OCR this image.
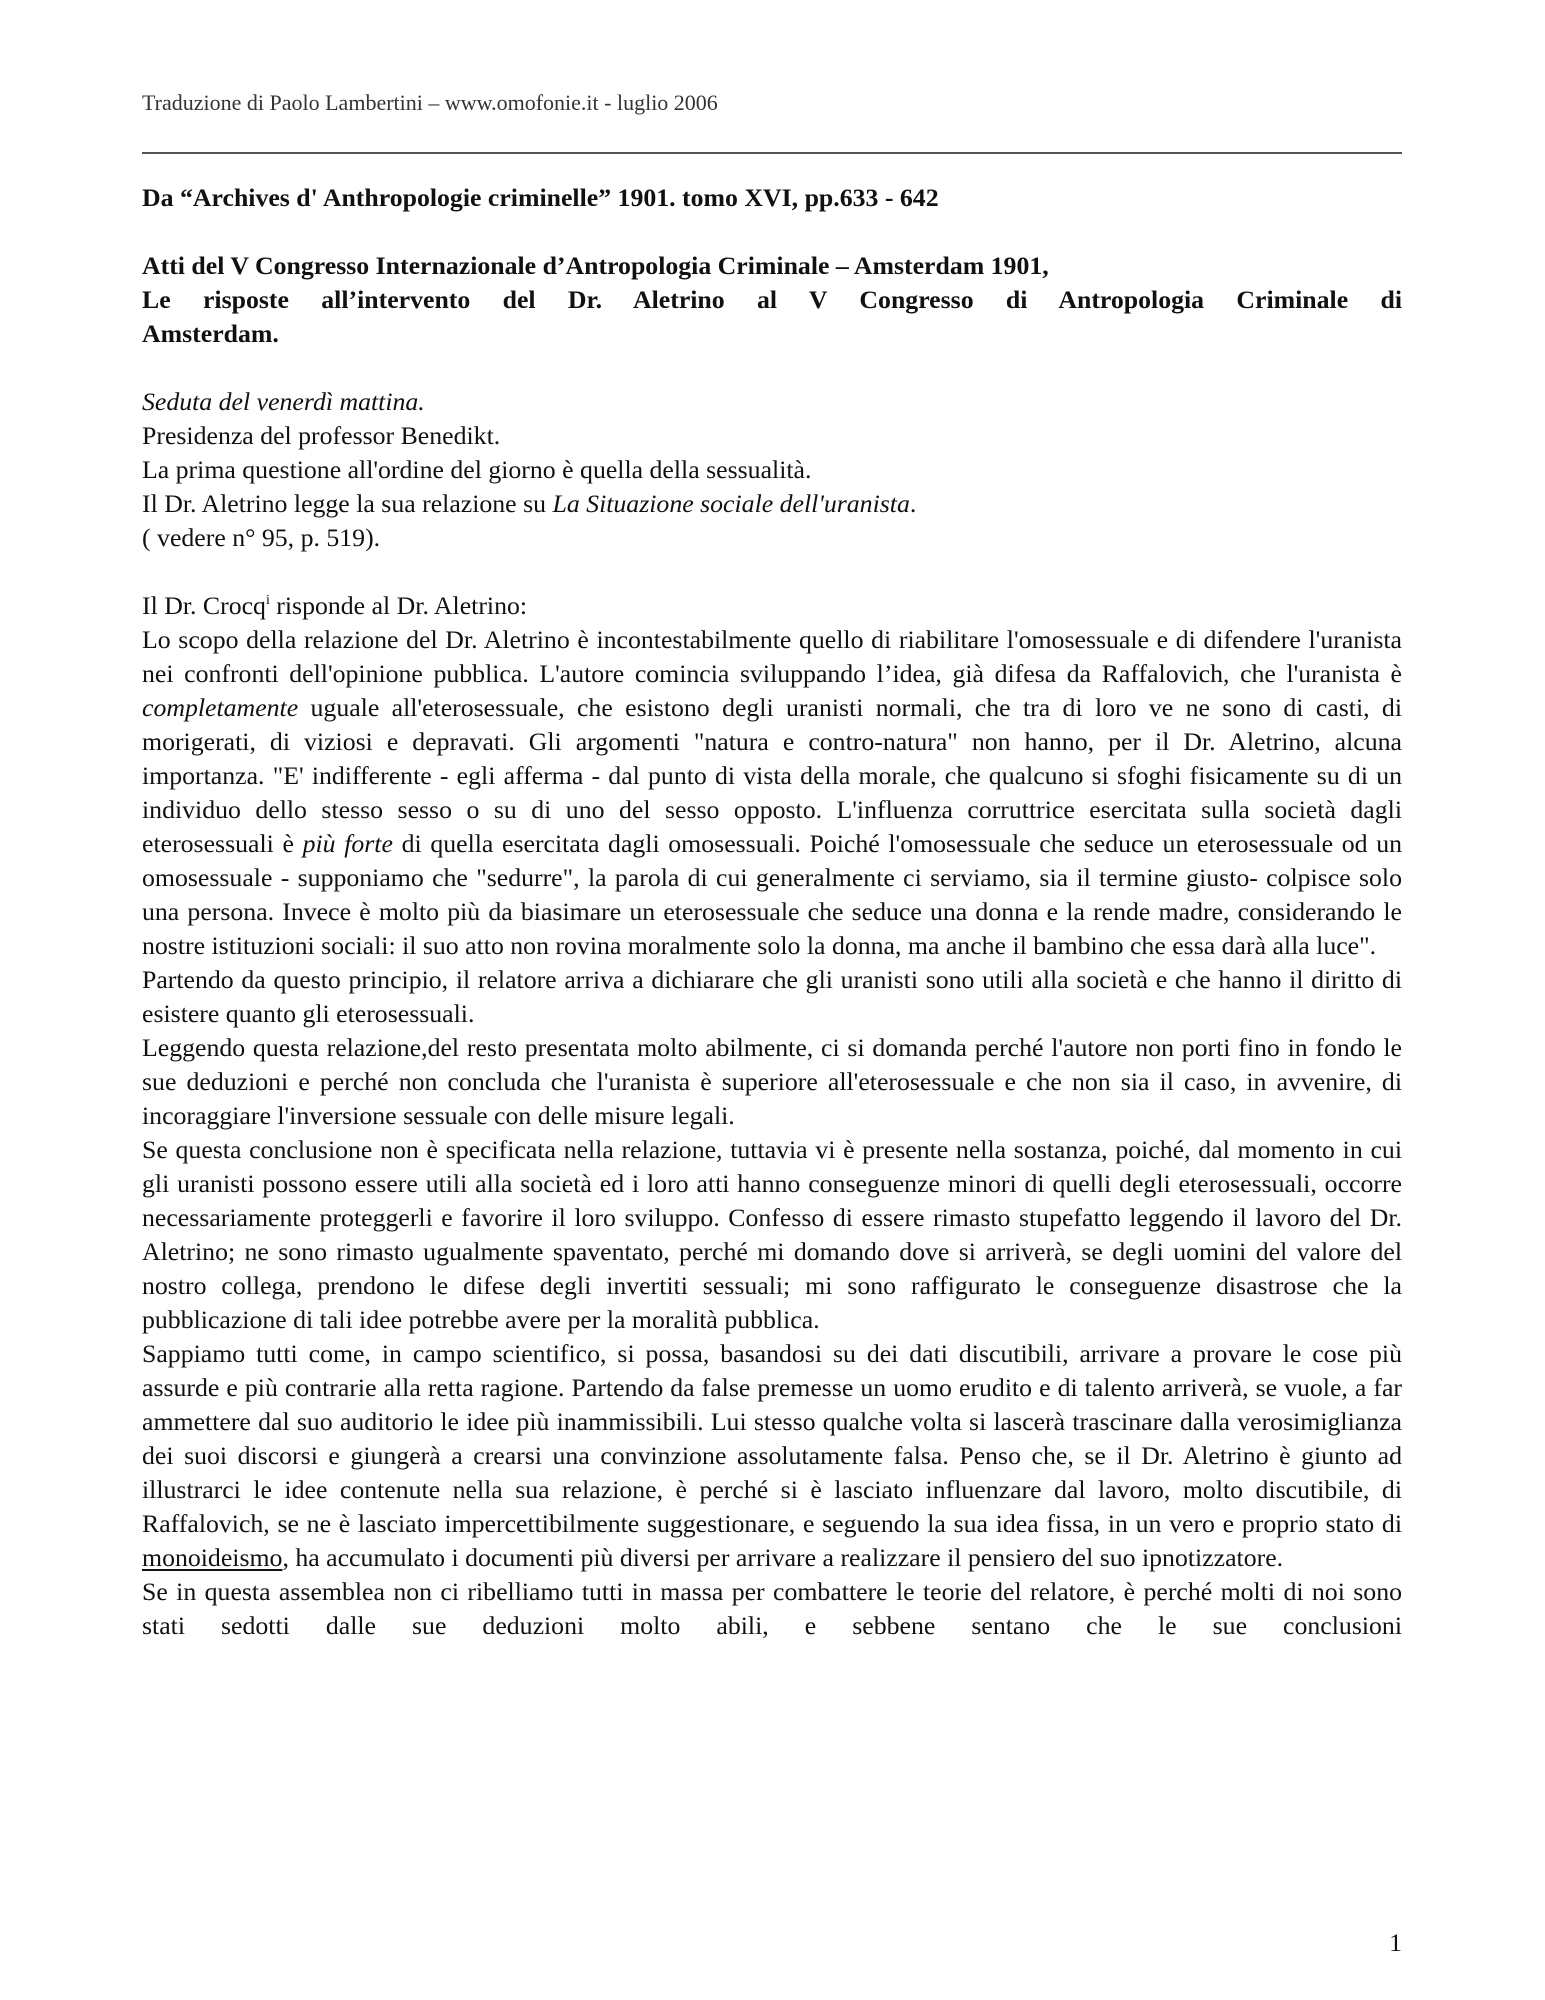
Traduzione di Paolo Lambertini – www.omofonie.it - luglio 2006

Da “Archives d' Anthropologie criminelle” 1901. tomo XVI, pp.633 - 642

Atti del V Congresso Internazionale d’Antropologia Criminale – Amsterdam 1901,

Le risposte all’intervento del Dr. Aletrino al V Congresso di Antropologia Criminale di

Amsterdam.

Seduta del venerdì mattina.

Presidenza del professor Benedikt.

La prima questione all'ordine del giorno è quella della sessualità.

Il Dr. Aletrino legge la sua relazione su La Situazione sociale dell'uranista.

( vedere n° 95, p. 519).

Il Dr. Crocq$^i$ risponde al Dr. Aletrino:

Lo scopo della relazione del Dr. Aletrino è incontestabilmente quello di riabilitare l'omosessuale e di difendere l'uranista nei confronti dell'opinione pubblica. L'autore comincia sviluppando l’idea, già difesa da Raffalovich, che l'uranista è completamente uguale all'eterosessuale, che esistono degli uranisti normali, che tra di loro ve ne sono di casti, di morigerati, di viziosi e depravati. Gli argomenti "natura e contro-natura" non hanno, per il Dr. Aletrino, alcuna importanza. "E' indifferente - egli afferma - dal punto di vista della morale, che qualcuno si sfoghi fisicamente su di un individuo dello stesso sesso o su di uno del sesso opposto. L'influenza corruttrice esercitata sulla società dagli eterosessuali è più forte di quella esercitata dagli omosessuali. Poiché l'omosessuale che seduce un eterosessuale od un omosessuale - supponiamo che "sedurre", la parola di cui generalmente ci serviamo, sia il termine giusto- colpisce solo una persona. Invece è molto più da biasimare un eterosessuale che seduce una donna e la rende madre, considerando le nostre istituzioni sociali: il suo atto non rovina moralmente solo la donna, ma anche il bambino che essa darà alla luce".

Partendo da questo principio, il relatore arriva a dichiarare che gli uranisti sono utili alla società e che hanno il diritto di esistere quanto gli eterosessuali.

Leggendo questa relazione,del resto presentata molto abilmente, ci si domanda perché l'autore non porti fino in fondo le sue deduzioni e perché non concluda che l'uranista è superiore all'eterosessuale e che non sia il caso, in avvenire, di incoraggiare l'inversione sessuale con delle misure legali.

Se questa conclusione non è specificata nella relazione, tuttavia vi è presente nella sostanza, poiché, dal momento in cui gli uranisti possono essere utili alla società ed i loro atti hanno conseguenze minori di quelli degli eterosessuali, occorre necessariamente proteggerli e favorire il loro sviluppo. Confesso di essere rimasto stupefatto leggendo il lavoro del Dr. Aletrino; ne sono rimasto ugualmente spaventato, perché mi domando dove si arriverà, se degli uomini del valore del nostro collega, prendono le difese degli invertiti sessuali; mi sono raffigurato le conseguenze disastrose che la pubblicazione di tali idee potrebbe avere per la moralità pubblica.

Sappiamo tutti come, in campo scientifico, si possa, basandosi su dei dati discutibili, arrivare a provare le cose più assurde e più contrarie alla retta ragione. Partendo da false premesse un uomo erudito e di talento arriverà, se vuole, a far ammettere dal suo auditorio le idee più inammissibili. Lui stesso qualche volta si lascerà trascinare dalla verosimiglianza dei suoi discorsi e giungerà a crearsi una convinzione assolutamente falsa. Penso che, se il Dr. Aletrino è giunto ad illustrarci le idee contenute nella sua relazione, è perché si è lasciato influenzare dal lavoro, molto discutibile, di Raffalovich, se ne è lasciato impercettibilmente suggestionare, e seguendo la sua idea fissa, in un vero e proprio stato di monoideismo, ha accumulato i documenti più diversi per arrivare a realizzare il pensiero del suo ipnotizzatore.

Se in questa assemblea non ci ribelliamo tutti in massa per combattere le teorie del relatore, è perché molti di noi sono stati sedotti dalle sue deduzioni molto abili, e sebbene sentano che le sue conclusioni

1
